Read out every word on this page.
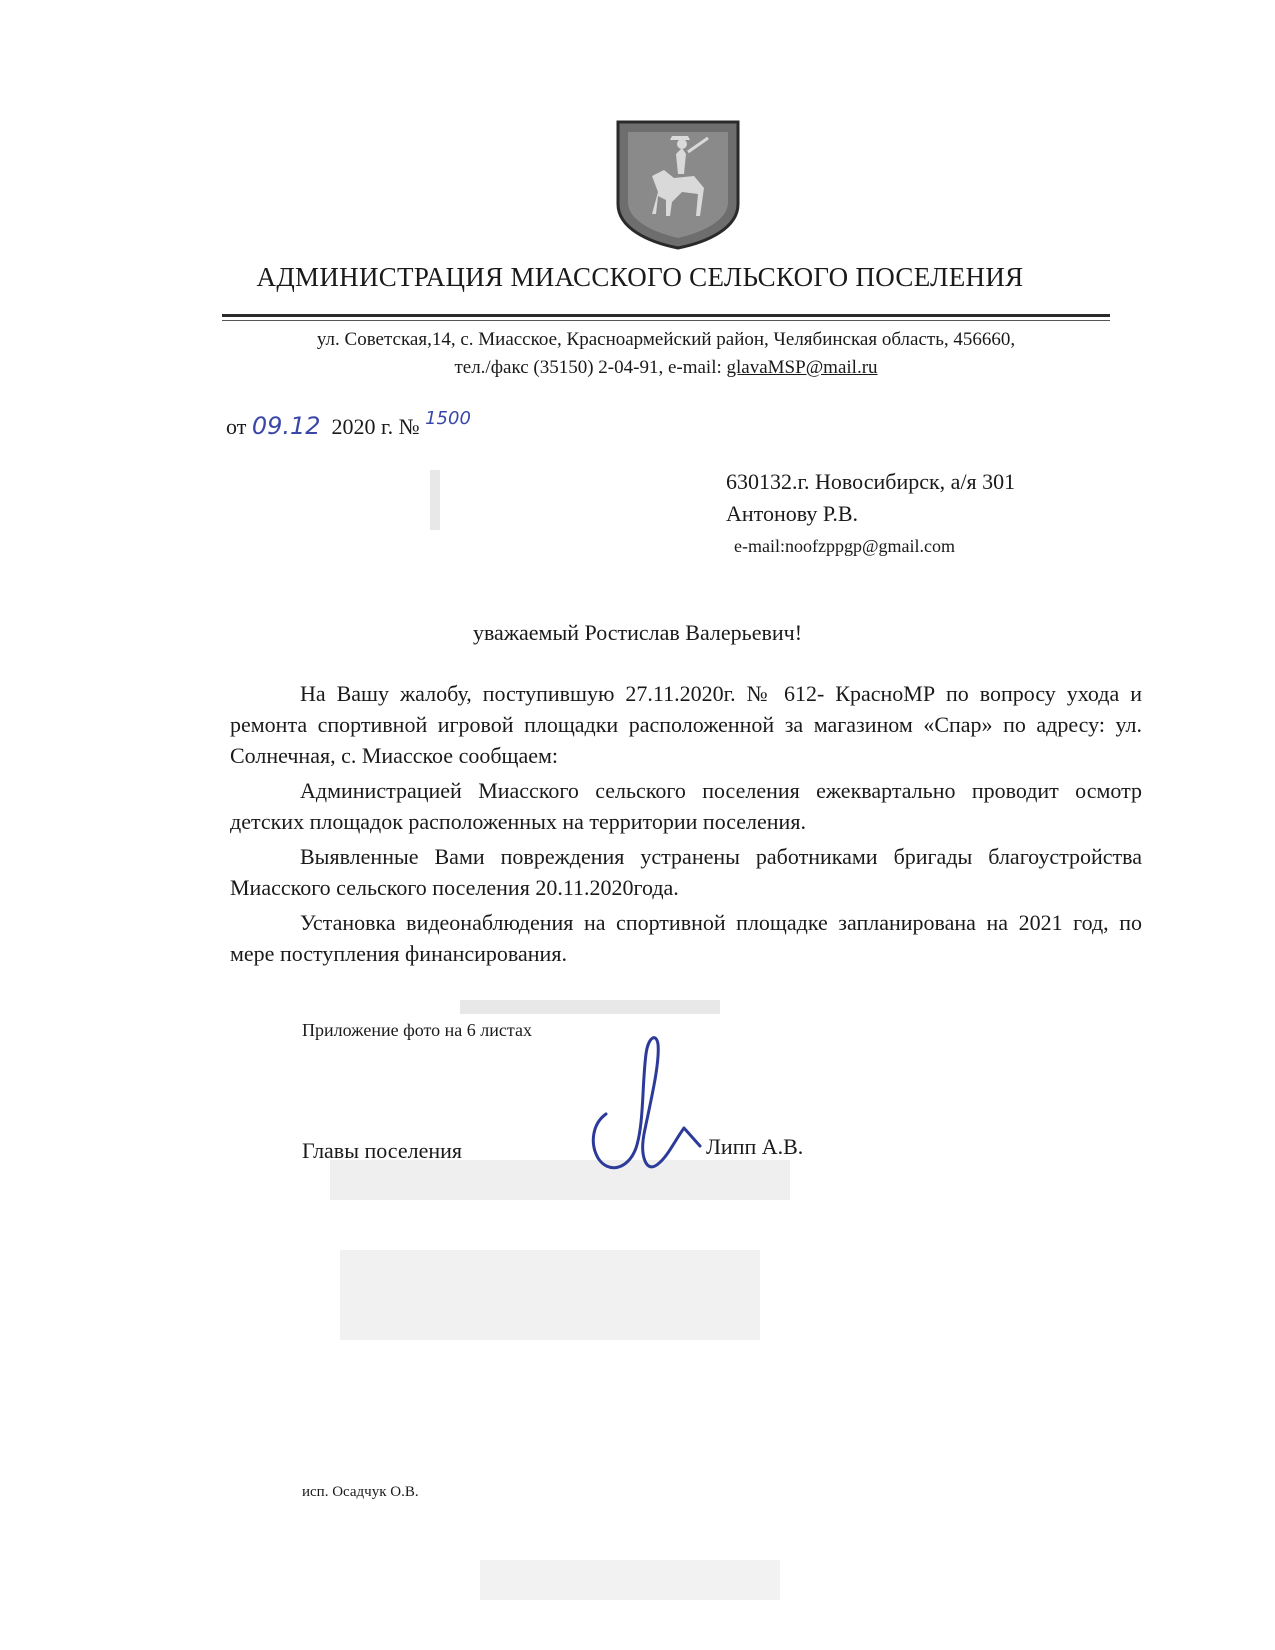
АДМИНИСТРАЦИЯ МИАССКОГО СЕЛЬСКОГО ПОСЕЛЕНИЯ
ул. Советская,14, с. Миасское, Красноармейский район, Челябинская область, 456660,
тел./факс (35150) 2-04-91, e-mail: glavaMSP@mail.ru
от 09.12 2020 г. № $^{1500}$
630132.г. Новосибирск, а/я 301
Антонову Р.В.
e-mail:noofzppgp@gmail.com
уважаемый Ростислав Валерьевич!

На Вашу жалобу, поступившую 27.11.2020г. № 612- КрасноМР по вопросу ухода и ремонта спортивной игровой площадки расположенной за магазином «Спар» по адресу: ул. Солнечная, с. Миасское сообщаем:

Администрацией Миасского сельского поселения ежеквартально проводит осмотр детских площадок расположенных на территории поселения.

Выявленные Вами повреждения устранены работниками бригады благоустройства Миасского сельского поселения 20.11.2020года.

Установка видеонаблюдения на спортивной площадке запланирована на 2021 год, по мере поступления финансирования.

Приложение фото на 6 листах
Главы поселения	Липп А.В.
исп. Осадчук О.В.
